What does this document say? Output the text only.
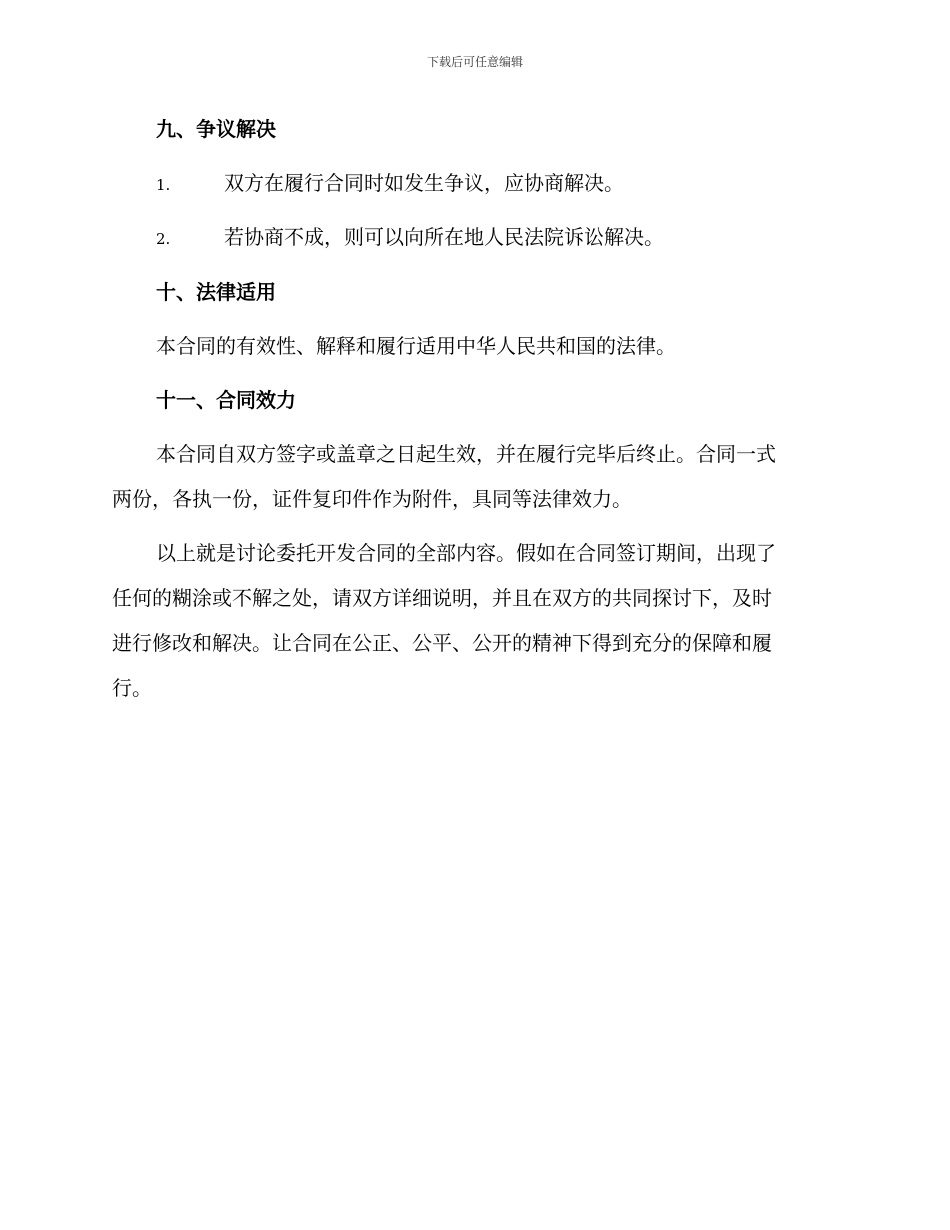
下载后可任意编辑
九、争议解决
1.	双方在履行合同时如发生争议，应协商解决。
2.	若协商不成，则可以向所在地人民法院诉讼解决。
十、法律适用
本合同的有效性、解释和履行适用中华人民共和国的法律。
十一、合同效力
本合同自双方签字或盖章之日起生效，并在履行完毕后终止。合同一式
两份，各执一份，证件复印件作为附件，具同等法律效力。
以上就是讨论委托开发合同的全部内容。假如在合同签订期间，出现了
任何的糊涂或不解之处，请双方详细说明，并且在双方的共同探讨下，及时
进行修改和解决。让合同在公正、公平、公开的精神下得到充分的保障和履
行。
